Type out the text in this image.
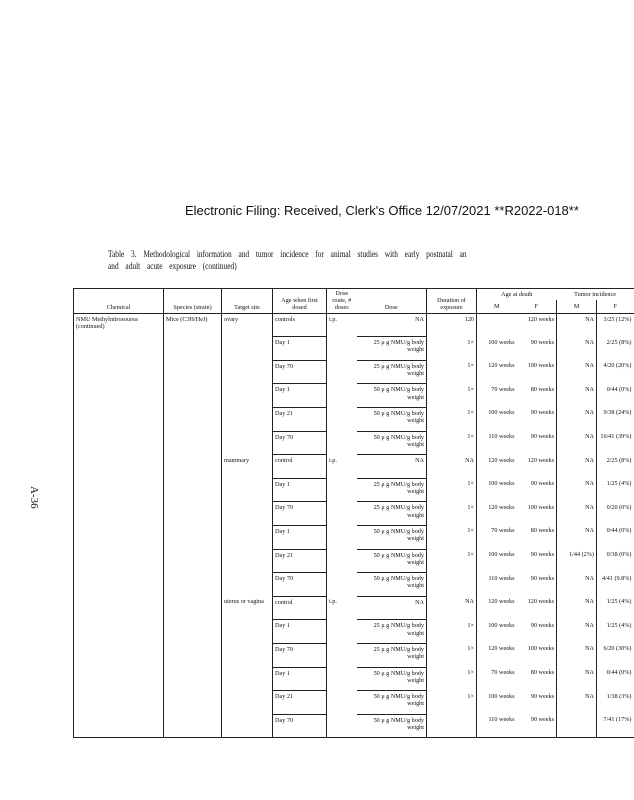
Electronic Filing: Received, Clerk's Office 12/07/2021 **R2022-018**
Table 3. Methodological information and tumor incidence for animal studies with early postnatal an
and adult acute exposure (continued)
A-36
Chemical	Species (strain)	Target site	Age when first dosed	Dose route, # doses	Dose	Duration of exposure	Age at death		Tumor incidence	
							M	F	M	F
NMU Methylnitrosourea (continued)	Mice (C3H/HeJ)	ovary	controls	i.p.	NA	120		120 weeks	NA	3/25 (12%)
			Day 1		25 μ g NMU/g body weight	1×	100 weeks	90 weeks	NA	2/25 (8%)
			Day 70		25 μ g NMU/g body weight	1×	120 weeks	100 weeks	NA	4/20 (20%)
			Day 1		50 μ g NMU/g body weight	1×	70 weeks	80 weeks	NA	0/44 (0%)
			Day 21		50 μ g NMU/g body weight	1×	100 weeks	90 weeks	NA	9/38 (24%)
			Day 70		50 μ g NMU/g body weight	1×	110 weeks	90 weeks	NA	16/41 (39%)
		mammary	control	i.p.	NA	NA	120 weeks	120 weeks	NA	2/25 (8%)
			Day 1		25 μ g NMU/g body weight	1×	100 weeks	90 weeks	NA	1/25 (4%)
			Day 70		25 μ g NMU/g body weight	1×	120 weeks	100 weeks	NA	0/20 (0%)
			Day 1		50 μ g NMU/g body weight	1×	70 weeks	80 weeks	NA	0/44 (0%)
			Day 21		50 μ g NMU/g body weight	1×	100 weeks	90 weeks	1/44 (2%)	0/38 (0%)
			Day 70		50 μ g NMU/g body weight		110 weeks	90 weeks	NA	4/41 (9.8%)
		uterus or vagina	control	i.p.	NA	NA	120 weeks	120 weeks	NA	1/25 (4%)
			Day 1		25 μ g NMU/g body weight	1×	100 weeks	90 weeks	NA	1/25 (4%)
			Day 70		25 μ g NMU/g body weight	1×	120 weeks	100 weeks	NA	6/20 (30%)
			Day 1		50 μ g NMU/g body weight	1×	70 weeks	80 weeks	NA	0/44 (0%)
			Day 21		50 μ g NMU/g body weight	1×	100 weeks	90 weeks	NA	1/38 (3%)
			Day 70		50 μ g NMU/g body weight		110 weeks	90 weeks		7/41 (17%)
